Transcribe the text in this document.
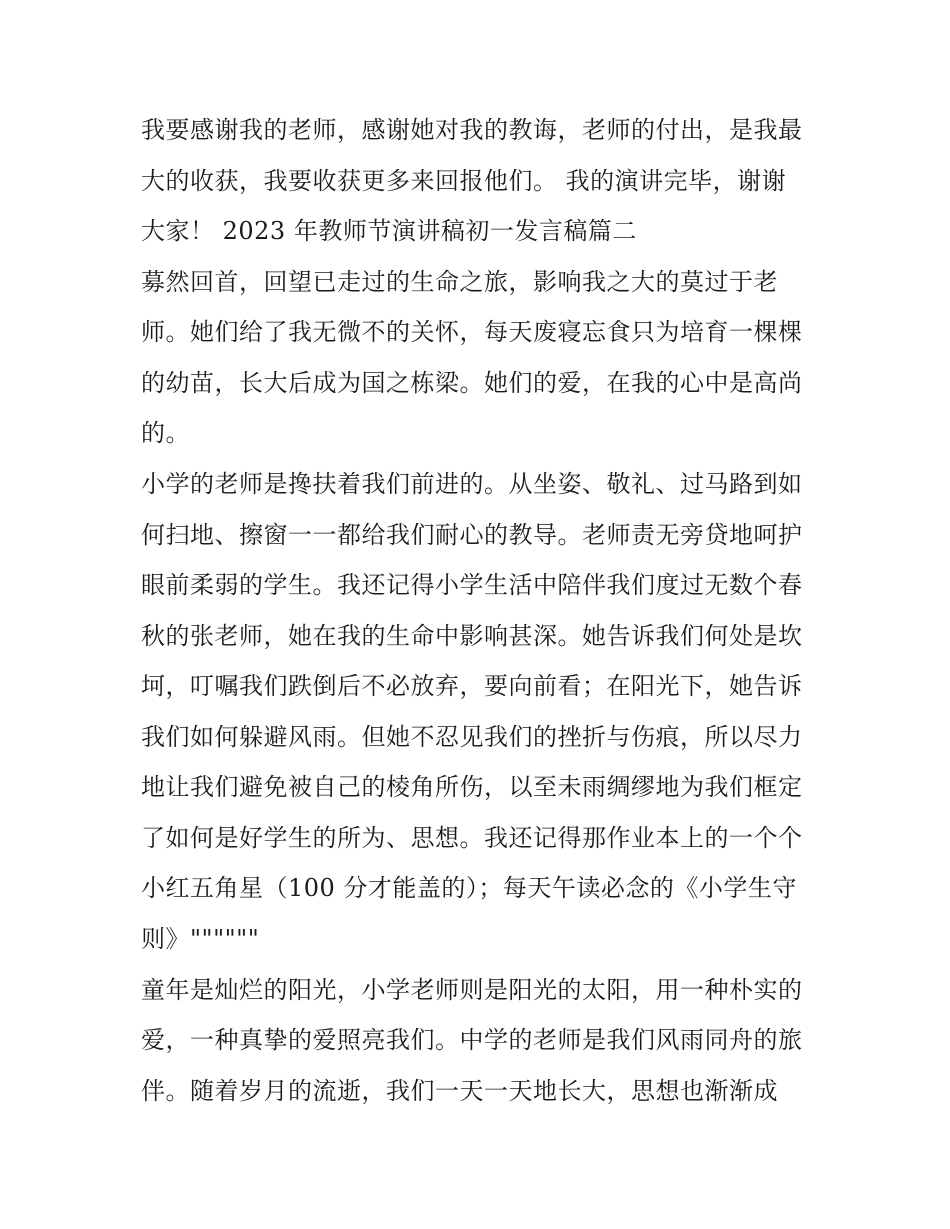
我要感谢我的老师，感谢她对我的教诲，老师的付出，是我最
大的收获，我要收获更多来回报他们。 我的演讲完毕，谢谢
大家！ 2023 年教师节演讲稿初一发言稿篇二
募然回首，回望已走过的生命之旅，影响我之大的莫过于老
师。她们给了我无微不的关怀，每天废寝忘食只为培育一棵棵
的幼苗，长大后成为国之栋梁。她们的爱，在我的心中是高尚
的。
小学的老师是搀扶着我们前进的。从坐姿、敬礼、过马路到如
何扫地、擦窗一一都给我们耐心的教导。老师责无旁贷地呵护
眼前柔弱的学生。我还记得小学生活中陪伴我们度过无数个春
秋的张老师，她在我的生命中影响甚深。她告诉我们何处是坎
坷，叮嘱我们跌倒后不必放弃，要向前看；在阳光下，她告诉
我们如何躲避风雨。但她不忍见我们的挫折与伤痕，所以尽力
地让我们避免被自己的棱角所伤，以至未雨绸缪地为我们框定
了如何是好学生的所为、思想。我还记得那作业本上的一个个
小红五角星（100 分才能盖的）；每天午读必念的《小学生守
则》""""""
童年是灿烂的阳光，小学老师则是阳光的太阳，用一种朴实的
爱，一种真挚的爱照亮我们。中学的老师是我们风雨同舟的旅
伴。随着岁月的流逝，我们一天一天地长大，思想也渐渐成
